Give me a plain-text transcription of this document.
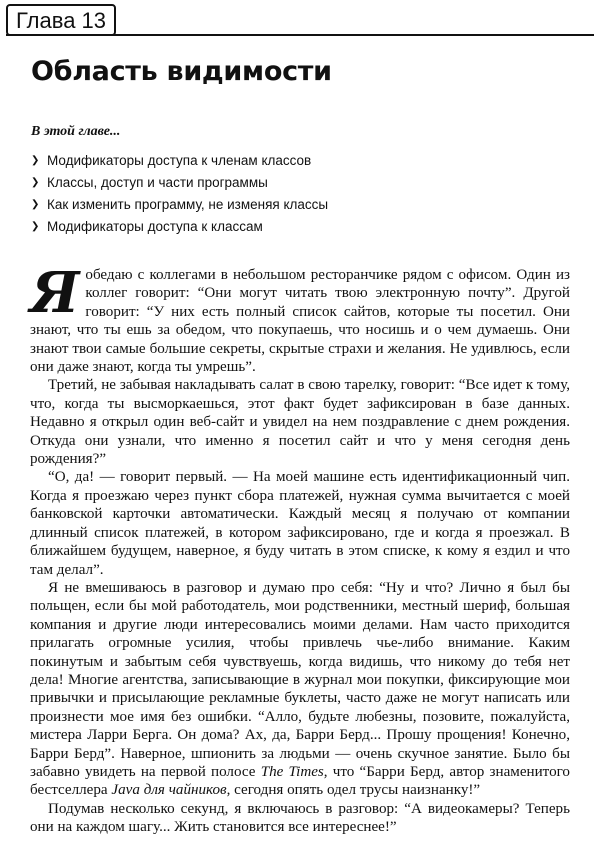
Глава 13
Область видимости
В этой главе...
❯ Модификаторы доступа к членам классов
❯ Классы, доступ и части программы
❯ Как изменить программу, не изменяя классы
❯ Модификаторы доступа к классам

Яобедаю с коллегами в небольшом ресторанчике рядом с офисом. Один из коллег говорит: “Они могут читать твою электронную почту”. Другой говорит: “У них есть полный список сайтов, которые ты посетил. Они знают, что ты ешь за обедом, что покупаешь, что носишь и о чем думаешь. Они знают твои самые большие секреты, скрытые страхи и желания. Не удивлюсь, если они даже знают, когда ты умрешь”.

Третий, не забывая накладывать салат в свою тарелку, говорит: “Все идет к тому, что, когда ты высморкаешься, этот факт будет зафиксирован в базе данных. Недавно я открыл один веб-сайт и увидел на нем поздравление с днем рождения. Откуда они узнали, что именно я посетил сайт и что у меня сегодня день рождения?”

“О, да! — говорит первый. — На моей машине есть идентификационный чип. Когда я проезжаю через пункт сбора платежей, нужная сумма вычитается с моей банковской карточки автоматически. Каждый месяц я получаю от компании длинный список платежей, в котором зафиксировано, где и когда я проезжал. В ближайшем будущем, наверное, я буду читать в этом списке, к кому я ездил и что там делал”.

Я не вмешиваюсь в разговор и думаю про себя: “Ну и что? Лично я был бы польщен, если бы мой работодатель, мои родственники, местный шериф, большая компания и другие люди интересовались моими делами. Нам часто приходится прилагать огромные усилия, чтобы привлечь чье-либо внимание. Каким покинутым и забытым себя чувствуешь, когда видишь, что никому до тебя нет дела! Многие агентства, записывающие в журнал мои покупки, фиксирующие мои привычки и присылающие рекламные буклеты, часто даже не могут написать или произнести мое имя без ошибки. “Алло, будьте любезны, позовите, пожалуйста, мистера Ларри Берга. Он дома? Ах, да, Барри Берд... Прошу прощения! Конечно, Барри Берд”. Наверное, шпионить за людьми — очень скучное занятие. Было бы забавно увидеть на первой полосе The Times, что “Барри Берд, автор знаменитого бестселлера Java для чайников, сегодня опять одел трусы наизнанку!”

Подумав несколько секунд, я включаюсь в разговор: “А видеокамеры? Теперь они на каждом шагу... Жить становится все интереснее!”
